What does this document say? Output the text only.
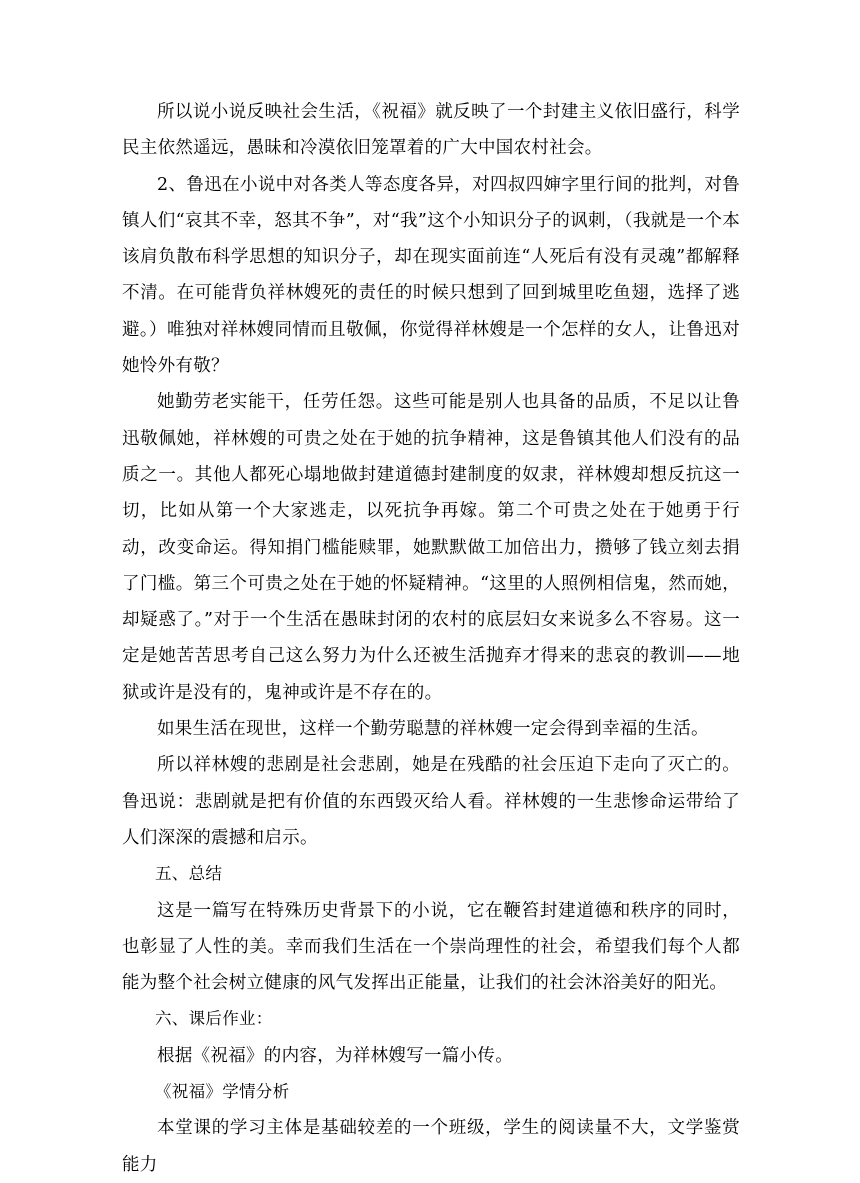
所以说小说反映社会生活，《祝福》就反映了一个封建主义依旧盛行，科学民主依然遥远，愚昧和冷漠依旧笼罩着的广大中国农村社会。

2、鲁迅在小说中对各类人等态度各异，对四叔四婶字里行间的批判，对鲁镇人们“哀其不幸，怒其不争”，对“我”这个小知识分子的讽刺，（我就是一个本该肩负散布科学思想的知识分子，却在现实面前连“人死后有没有灵魂”都解释不清。在可能背负祥林嫂死的责任的时候只想到了回到城里吃鱼翅，选择了逃避。）唯独对祥林嫂同情而且敬佩，你觉得祥林嫂是一个怎样的女人，让鲁迅对她怜外有敬？

她勤劳老实能干，任劳任怨。这些可能是别人也具备的品质，不足以让鲁迅敬佩她，祥林嫂的可贵之处在于她的抗争精神，这是鲁镇其他人们没有的品质之一。其他人都死心塌地做封建道德封建制度的奴隶，祥林嫂却想反抗这一切，比如从第一个大家逃走，以死抗争再嫁。第二个可贵之处在于她勇于行动，改变命运。得知捐门槛能赎罪，她默默做工加倍出力，攒够了钱立刻去捐了门槛。第三个可贵之处在于她的怀疑精神。“这里的人照例相信鬼，然而她，却疑惑了。”对于一个生活在愚昧封闭的农村的底层妇女来说多么不容易。这一定是她苦苦思考自己这么努力为什么还被生活抛弃才得来的悲哀的教训——地狱或许是没有的，鬼神或许是不存在的。

如果生活在现世，这样一个勤劳聪慧的祥林嫂一定会得到幸福的生活。

所以祥林嫂的悲剧是社会悲剧，她是在残酷的社会压迫下走向了灭亡的。鲁迅说：悲剧就是把有价值的东西毁灭给人看。祥林嫂的一生悲惨命运带给了人们深深的震撼和启示。

五、总结

这是一篇写在特殊历史背景下的小说，它在鞭笞封建道德和秩序的同时，也彰显了人性的美。幸而我们生活在一个崇尚理性的社会，希望我们每个人都能为整个社会树立健康的风气发挥出正能量，让我们的社会沐浴美好的阳光。

六、课后作业：

根据《祝福》的内容，为祥林嫂写一篇小传。

《祝福》学情分析

本堂课的学习主体是基础较差的一个班级，学生的阅读量不大，文学鉴赏能力
